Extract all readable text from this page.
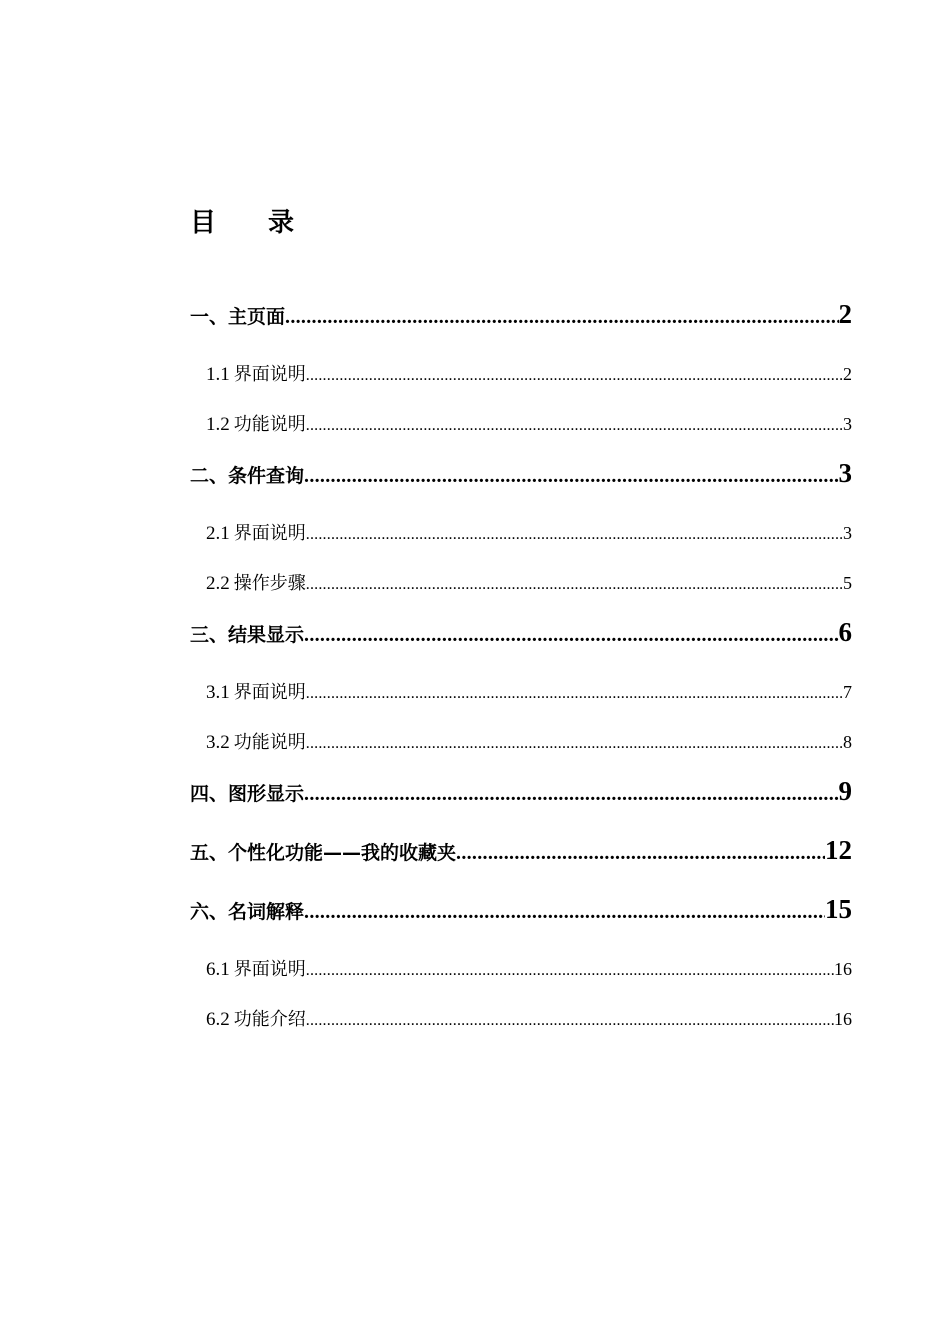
目　　录
一、主页面 .....	2
1.1 界面说明 .....	2
1.2 功能说明 .....	3
二、条件查询 .....	3
2.1 界面说明 .....	3
2.2 操作步骤 .....	5
三、结果显示 .....	6
3.1 界面说明 .....	7
3.2 功能说明 .....	8
四、图形显示 .....	9
五、个性化功能——我的收藏夹 .....	12
六、名词解释 .....	15
6.1 界面说明 .....	16
6.2 功能介绍 .....	16
